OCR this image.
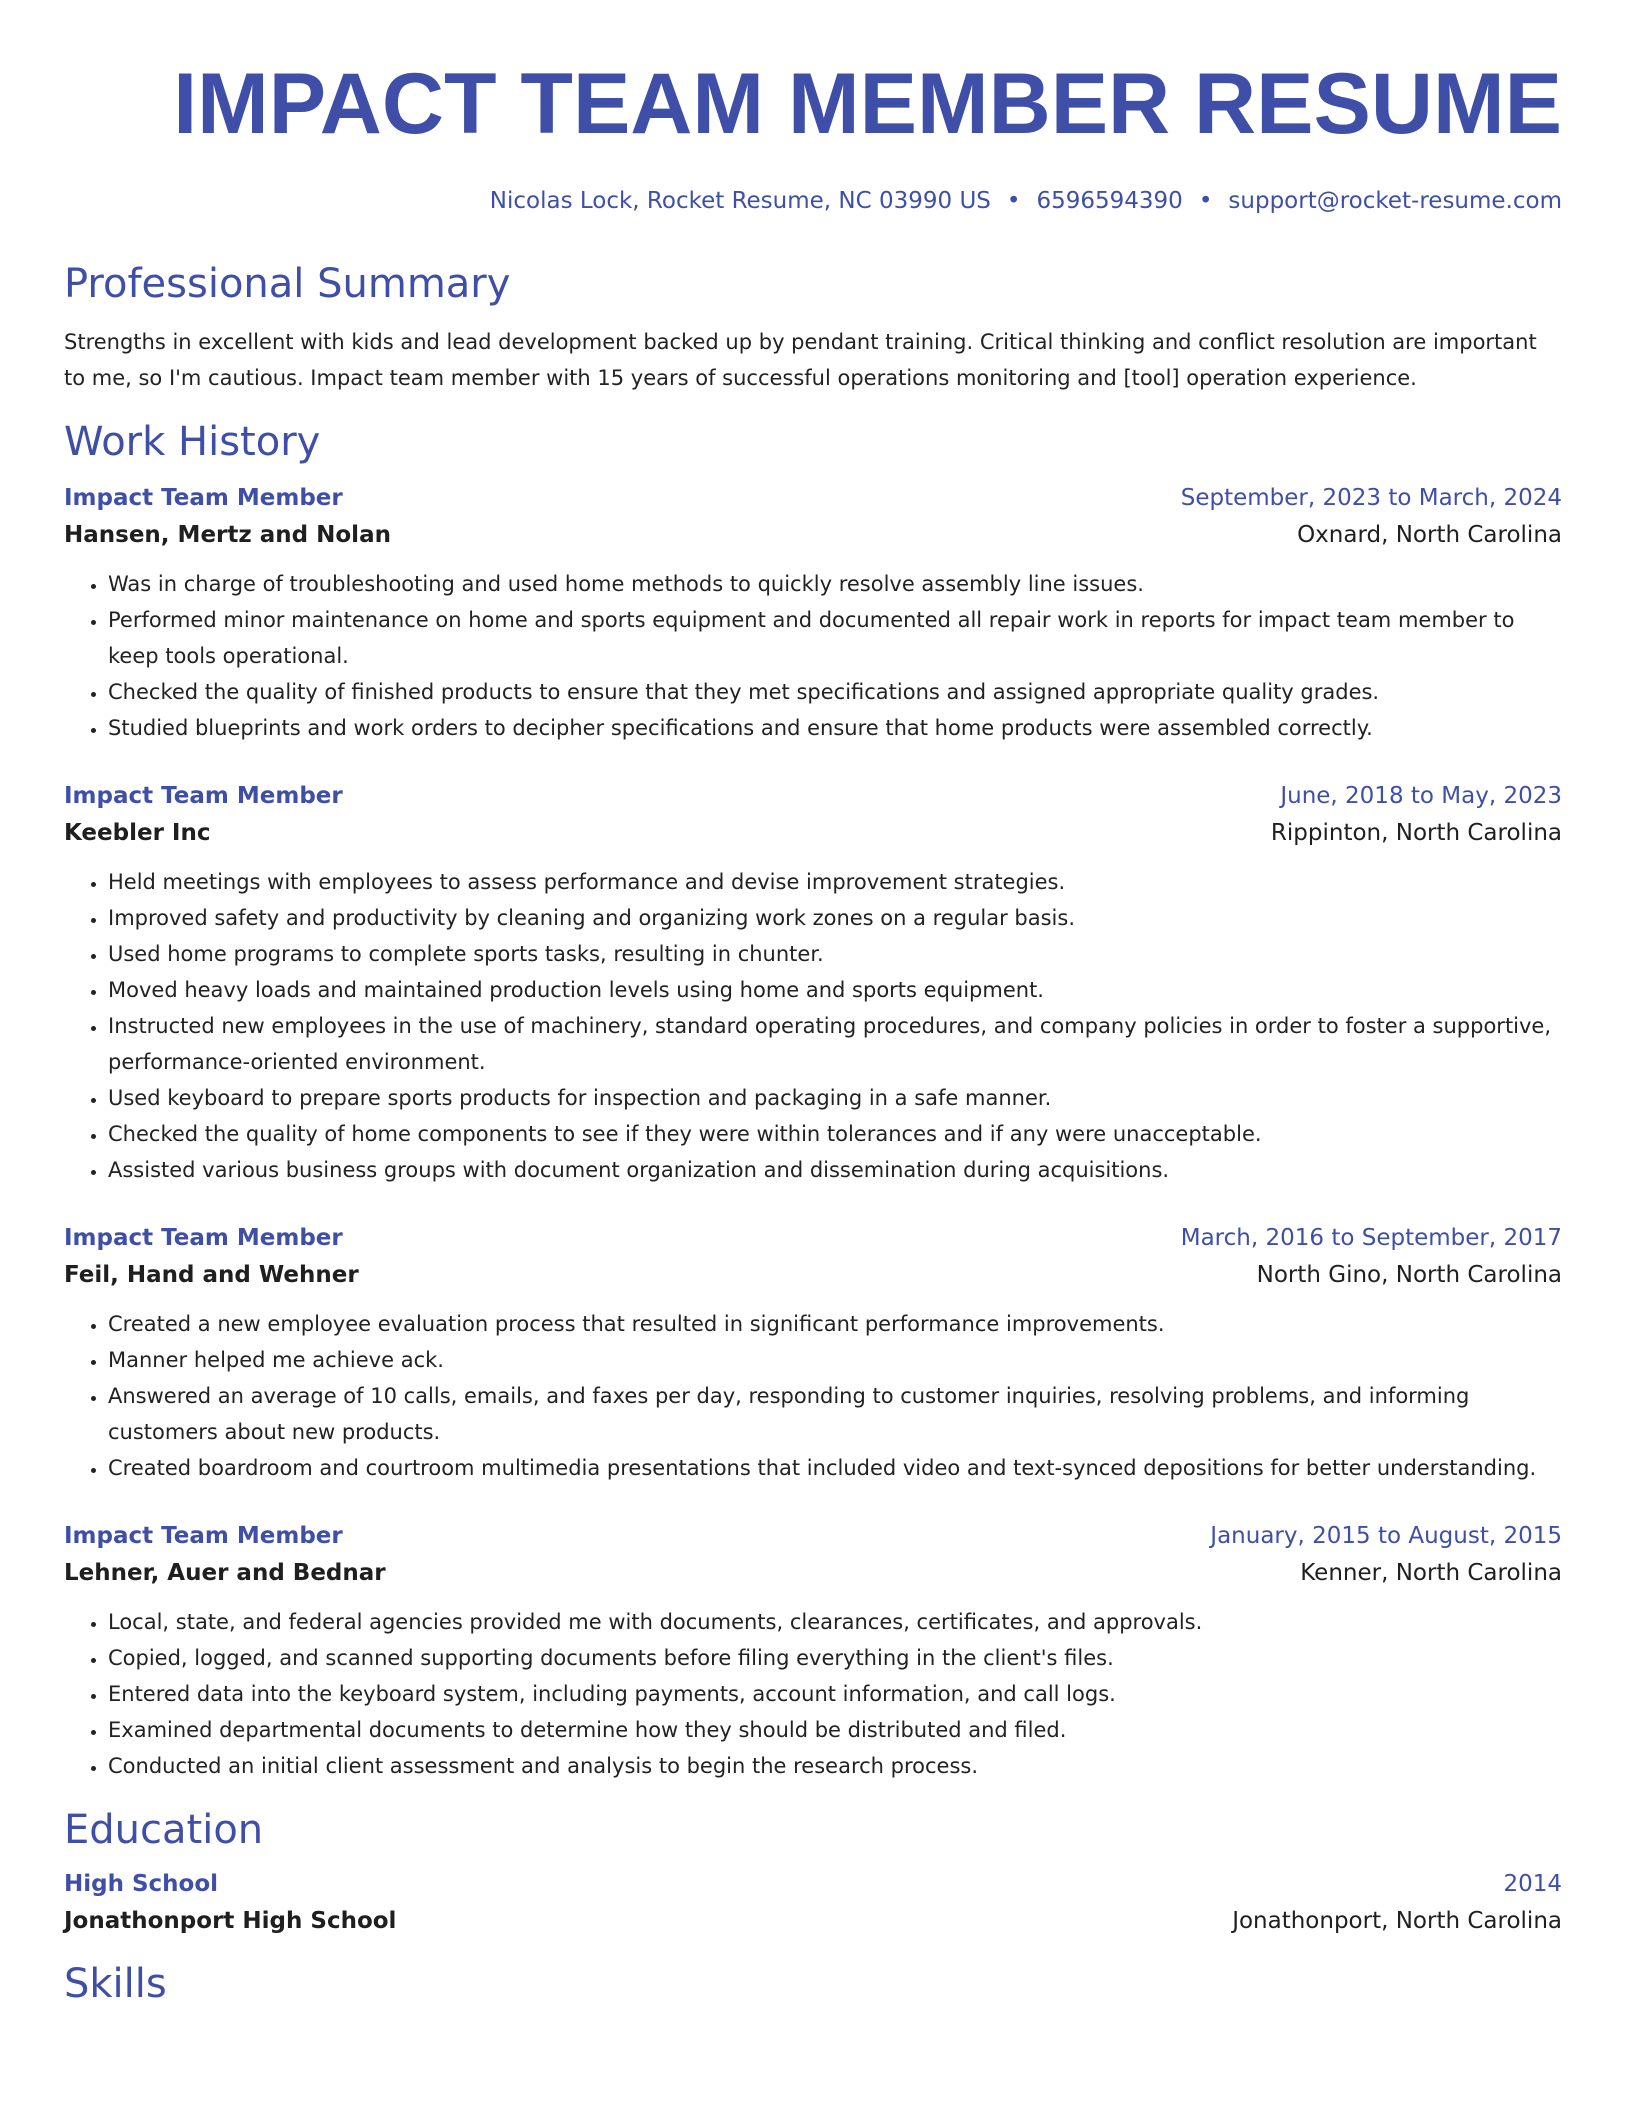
IMPACT TEAM MEMBER RESUME
Nicolas Lock, Rocket Resume, NC 03990 US • 6596594390 • support@rocket-resume.com
Professional Summary
Strengths in excellent with kids and lead development backed up by pendant training. Critical thinking and conflict resolution are important to me, so I'm cautious. Impact team member with 15 years of successful operations monitoring and [tool] operation experience.
Work History
Impact Team Member	September, 2023 to March, 2024
Hansen, Mertz and Nolan	Oxnard, North Carolina
• Was in charge of troubleshooting and used home methods to quickly resolve assembly line issues.
• Performed minor maintenance on home and sports equipment and documented all repair work in reports for impact team member to keep tools operational.
• Checked the quality of finished products to ensure that they met specifications and assigned appropriate quality grades.
• Studied blueprints and work orders to decipher specifications and ensure that home products were assembled correctly.
Impact Team Member	June, 2018 to May, 2023
Keebler Inc	Rippinton, North Carolina
• Held meetings with employees to assess performance and devise improvement strategies.
• Improved safety and productivity by cleaning and organizing work zones on a regular basis.
• Used home programs to complete sports tasks, resulting in chunter.
• Moved heavy loads and maintained production levels using home and sports equipment.
• Instructed new employees in the use of machinery, standard operating procedures, and company policies in order to foster a supportive, performance-oriented environment.
• Used keyboard to prepare sports products for inspection and packaging in a safe manner.
• Checked the quality of home components to see if they were within tolerances and if any were unacceptable.
• Assisted various business groups with document organization and dissemination during acquisitions.
Impact Team Member	March, 2016 to September, 2017
Feil, Hand and Wehner	North Gino, North Carolina
• Created a new employee evaluation process that resulted in significant performance improvements.
• Manner helped me achieve ack.
• Answered an average of 10 calls, emails, and faxes per day, responding to customer inquiries, resolving problems, and informing customers about new products.
• Created boardroom and courtroom multimedia presentations that included video and text-synced depositions for better understanding.
Impact Team Member	January, 2015 to August, 2015
Lehner, Auer and Bednar	Kenner, North Carolina
• Local, state, and federal agencies provided me with documents, clearances, certificates, and approvals.
• Copied, logged, and scanned supporting documents before filing everything in the client's files.
• Entered data into the keyboard system, including payments, account information, and call logs.
• Examined departmental documents to determine how they should be distributed and filed.
• Conducted an initial client assessment and analysis to begin the research process.
Education
High School	2014
Jonathonport High School	Jonathonport, North Carolina
Skills
